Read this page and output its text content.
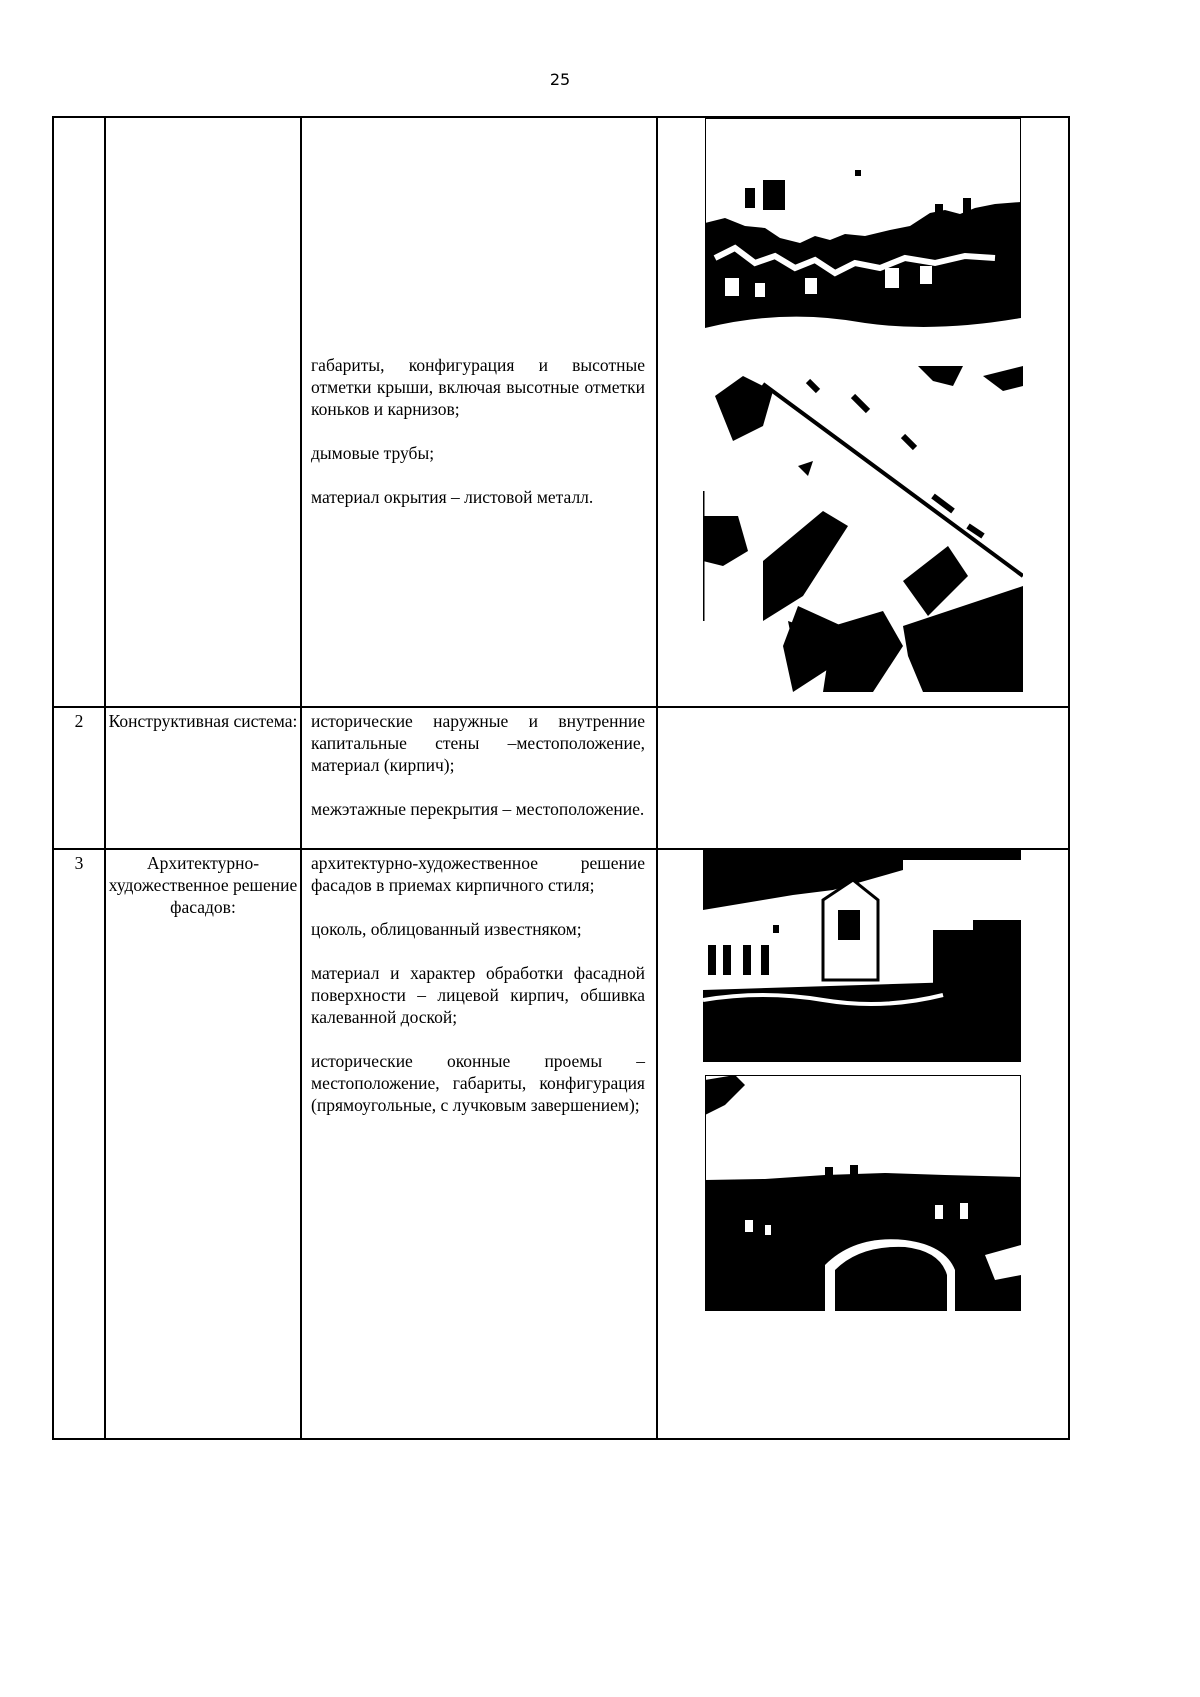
25

габариты, конфигурация и высотные отметки крыши, включая высотные отметки коньков и карнизов;

дымовые трубы;

материал окрытия – листовой металл.

2	Конструктивная система: исторические наружные и внутренние капитальные стены –местоположение, материал (кирпич);

межэтажные перекрытия – местоположение.

3	Архитектурно-художественное решение фасадов:

архитектурно-художественное решение фасадов в приемах кирпичного стиля;

цоколь, облицованный известняком;

материал и характер обработки фасадной поверхности – лицевой кирпич, обшивка калеванной доской;

исторические оконные проемы – местоположение, габариты, конфигурация (прямоугольные, с лучковым завершением);
